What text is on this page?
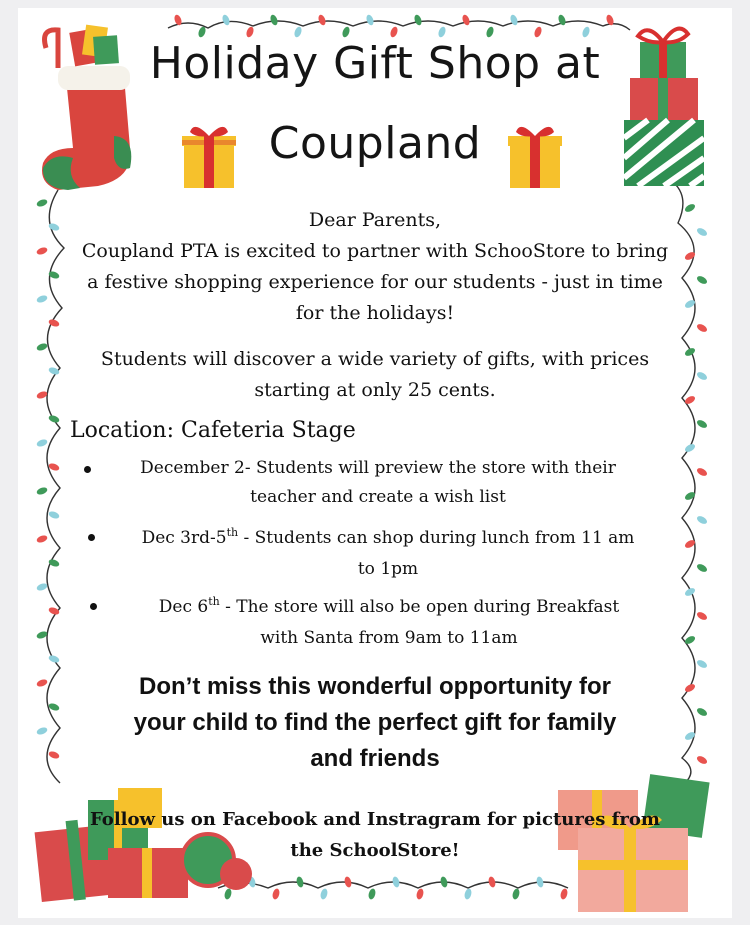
Holiday Gift Shop at
Coupland
Dear Parents,
Coupland PTA is excited to partner with SchooStore to bring
a festive shopping experience for our students - just in time
for the holidays!
Students will discover a wide variety of gifts, with prices
starting at only 25 cents.
Location: Cafeteria Stage
December 2- Students will preview the store with their
teacher and create a wish list
Dec 3rd-5th - Students can shop during lunch from 11 am
to 1pm
Dec 6th - The store will also be open during Breakfast
with Santa from 9am to 11am
Don’t miss this wonderful opportunity for
your child to find the perfect gift for family
and friends
Follow us on Facebook and Instragram for pictures from
the SchoolStore!
